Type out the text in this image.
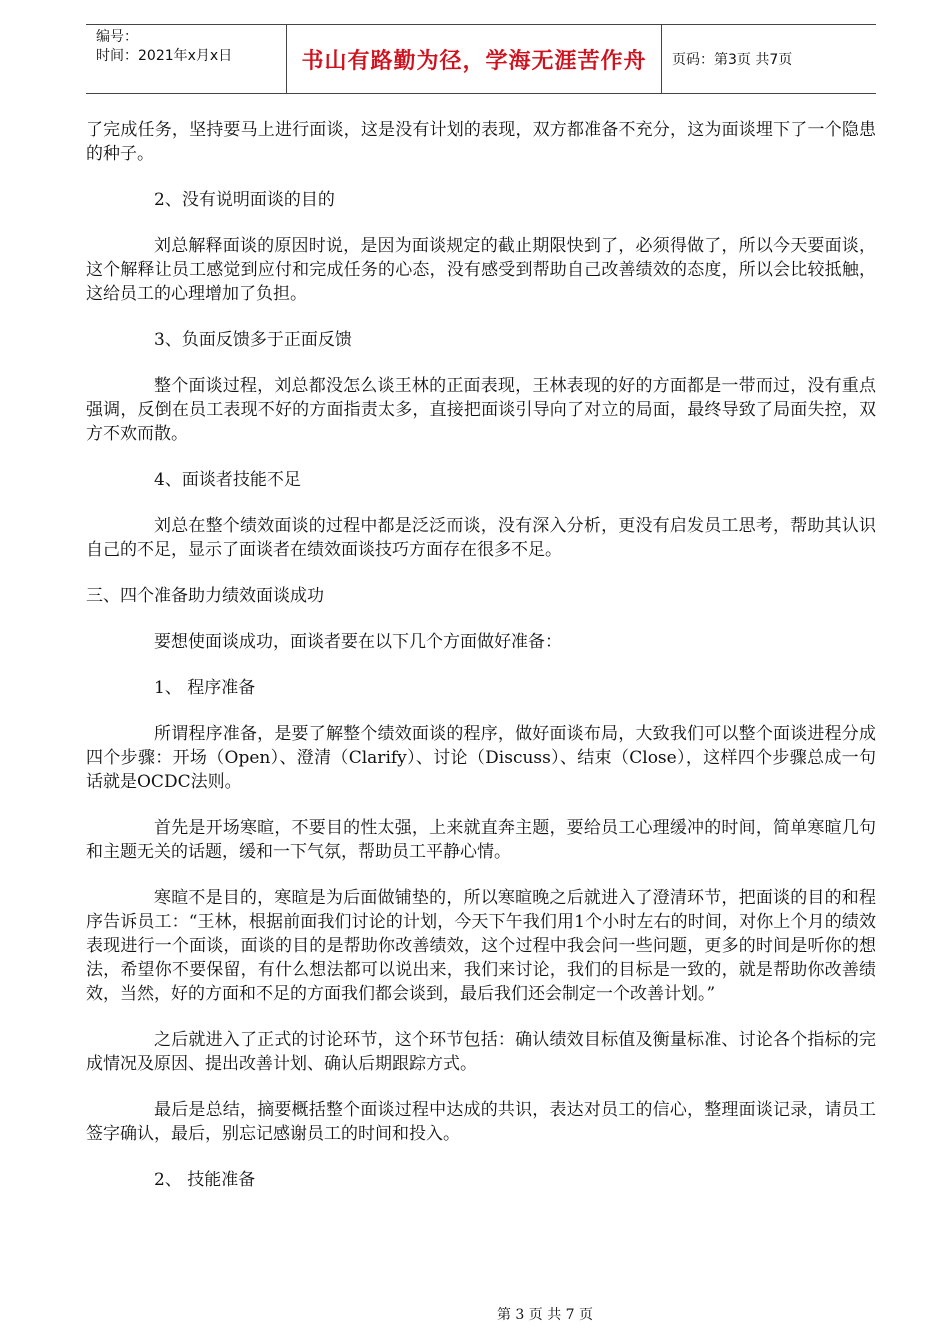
编号：
时间：2021年x月x日	书山有路勤为径，学海无涯苦作舟	页码：第3页 共7页

了完成任务，坚持要马上进行面谈，这是没有计划的表现，双方都准备不充分，这为面谈埋下了一个隐患的种子。

2、没有说明面谈的目的

刘总解释面谈的原因时说，是因为面谈规定的截止期限快到了，必须得做了，所以今天要面谈，这个解释让员工感觉到应付和完成任务的心态，没有感受到帮助自己改善绩效的态度，所以会比较抵触，这给员工的心理增加了负担。

3、负面反馈多于正面反馈

整个面谈过程，刘总都没怎么谈王林的正面表现，王林表现的好的方面都是一带而过，没有重点强调，反倒在员工表现不好的方面指责太多，直接把面谈引导向了对立的局面，最终导致了局面失控，双方不欢而散。

4、面谈者技能不足

刘总在整个绩效面谈的过程中都是泛泛而谈，没有深入分析，更没有启发员工思考，帮助其认识自己的不足，显示了面谈者在绩效面谈技巧方面存在很多不足。

三、四个准备助力绩效面谈成功

要想使面谈成功，面谈者要在以下几个方面做好准备：

1、 程序准备

所谓程序准备，是要了解整个绩效面谈的程序，做好面谈布局，大致我们可以整个面谈进程分成四个步骤：开场（Open）、澄清（Clarify）、讨论（Discuss）、结束（Close），这样四个步骤总成一句话就是OCDC法则。

首先是开场寒暄，不要目的性太强，上来就直奔主题，要给员工心理缓冲的时间，简单寒暄几句和主题无关的话题，缓和一下气氛，帮助员工平静心情。

寒暄不是目的，寒暄是为后面做铺垫的，所以寒暄晚之后就进入了澄清环节，把面谈的目的和程序告诉员工：“王林，根据前面我们讨论的计划，今天下午我们用1个小时左右的时间，对你上个月的绩效表现进行一个面谈，面谈的目的是帮助你改善绩效，这个过程中我会问一些问题，更多的时间是听你的想法，希望你不要保留，有什么想法都可以说出来，我们来讨论，我们的目标是一致的，就是帮助你改善绩效，当然，好的方面和不足的方面我们都会谈到，最后我们还会制定一个改善计划。”

之后就进入了正式的讨论环节，这个环节包括：确认绩效目标值及衡量标准、讨论各个指标的完成情况及原因、提出改善计划、确认后期跟踪方式。

最后是总结，摘要概括整个面谈过程中达成的共识，表达对员工的信心，整理面谈记录，请员工签字确认，最后，别忘记感谢员工的时间和投入。

2、 技能准备

第 3 页 共 7 页
